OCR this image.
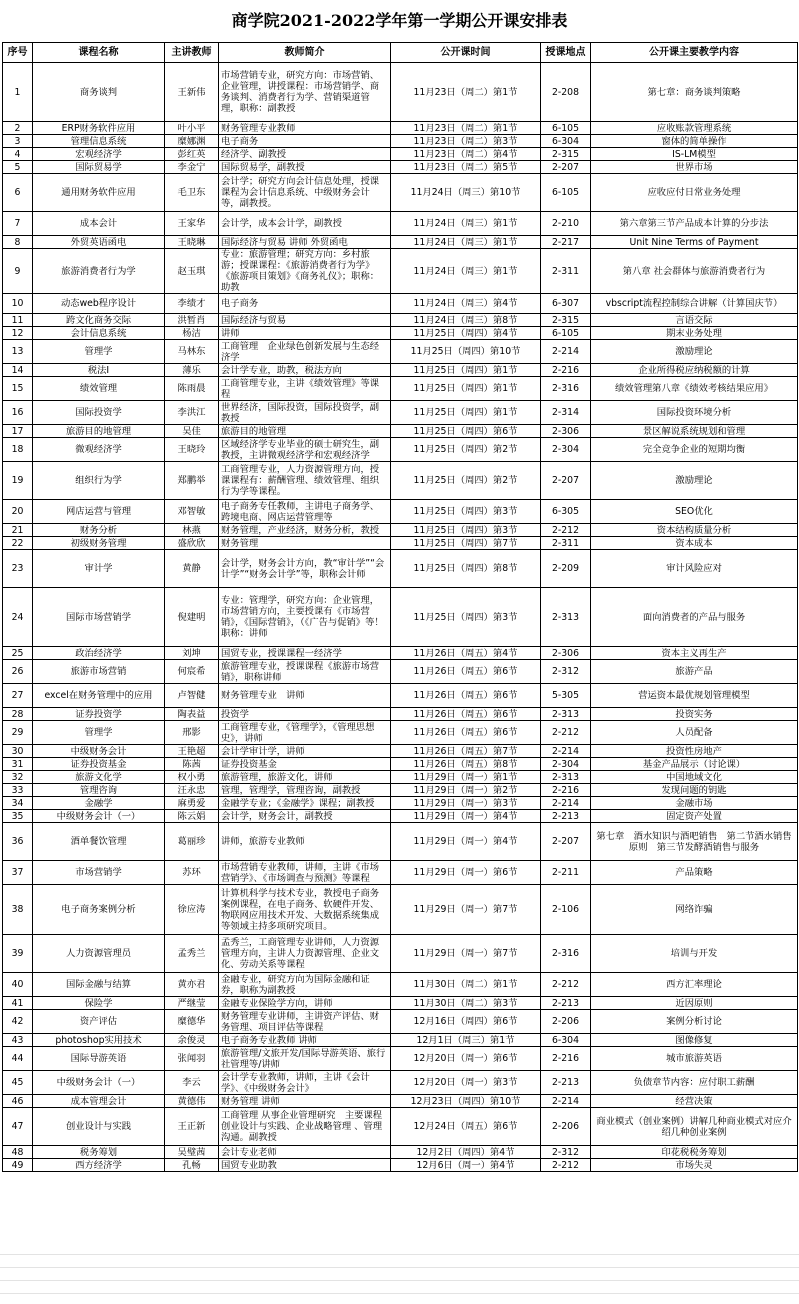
商学院2021-2022学年第一学期公开课安排表
序号	课程名称	主讲教师	教师简介	公开课时间	授课地点	公开课主要教学内容
1	商务谈判	王新伟	市场营销专业，研究方向：市场营销、企业管理，讲授课程：市场营销学、商务谈判、消费者行为学、营销渠道管理，职称：副教授	11月23日（周二）第1节	2-208	第七章：商务谈判策略
2	ERP财务软件应用	叶小平	财务管理专业教师	11月23日（周二）第1节	6-105	应收账款管理系统
3	管理信息系统	糜娜渊	电子商务	11月23日（周二）第3节	6-304	窗体的简单操作
4	宏观经济学	彭红英	经济学、副教授	11月23日（周二）第4节	2-315	IS-LM模型
5	国际贸易学	李金宁	国际贸易学，副教授	11月23日（周二）第5节	2-207	世界市场
6	通用财务软件应用	毛卫东	会计学；研究方向会计信息处理，授课课程为会计信息系统、中级财务会计等，副教授。	11月24日（周三）第10节	6-105	应收应付日常业务处理
7	成本会计	王家华	会计学，成本会计学，副教授	11月24日（周三）第1节	2-210	第六章第三节产品成本计算的分步法
8	外贸英语函电	王晓琳	国际经济与贸易 讲师 外贸函电	11月24日（周三）第1节	2-217	Unit Nine Terms of Payment
9	旅游消费者行为学	赵玉琪	专业：旅游管理；研究方向：乡村旅游；授课课程：《旅游消费者行为学》《旅游项目策划》《商务礼仪》；职称：助教	11月24日（周三）第1节	2-311	第八章 社会群体与旅游消费者行为
10	动态web程序设计	李绩才	电子商务	11月24日（周三）第4节	6-307	vbscript流程控制综合讲解（计算国庆节）
11	跨文化商务交际	洪暂肖	国际经济与贸易	11月24日（周三）第8节	2-315	言语交际
12	会计信息系统	杨洁	讲师	11月25日（周四）第4节	6-105	期末业务处理
13	管理学	马林东	工商管理　企业绿色创新发展与生态经济学	11月25日（周四）第10节	2-214	激励理论
14	税法I	薄乐	会计学专业，助教，税法方向	11月25日（周四）第1节	2-216	企业所得税应纳税额的计算
15	绩效管理	陈雨晨	工商管理专业，主讲《绩效管理》等课程	11月25日（周四）第1节	2-316	绩效管理第八章《绩效考核结果应用》
16	国际投资学	李洪江	世界经济，国际投资，国际投资学，副教授	11月25日（周四）第1节	2-314	国际投资环境分析
17	旅游目的地管理	吴佳	旅游目的地管理	11月25日（周四）第6节	2-306	景区解说系统规划和管理
18	微观经济学	王晓玲	区域经济学专业毕业的硕士研究生，副教授，主讲微观经济学和宏观经济学	11月25日（周四）第2节	2-304	完全竞争企业的短期均衡
19	组织行为学	郑鹏举	工商管理专业，人力资源管理方向，授课课程有：薪酬管理、绩效管理、组织行为学等课程。	11月25日（周四）第2节	2-207	激励理论
20	网店运营与管理	邓智敏	电子商务专任教师，主讲电子商务学、跨境电商、网店运营管理等	11月25日（周四）第3节	6-305	SEO优化
21	财务分析	林燕	财务管理，产业经济，财务分析，教授	11月25日（周四）第3节	2-212	资本结构质量分析
22	初级财务管理	盛欣欣	财务管理	11月25日（周四）第7节	2-311	资本成本
23	审计学	黄静	会计学，财务会计方向，教“审计学”“会计学”“财务会计学”等，职称会计师	11月25日（周四）第8节	2-209	审计风险应对
24	国际市场营销学	倪建明	专业：管理学，研究方向：企业管理，市场营销方向，主要授课有《市场营销》，《国际营销》，（《广告与促销》等！职称：讲师	11月25日（周四）第3节	2-313	面向消费者的产品与服务
25	政治经济学	刘坤	国贸专业，授课课程一经济学	11月26日（周五）第4节	2-306	资本主义再生产
26	旅游市场营销	何宸希	旅游管理专业，授课课程《旅游市场营销》，职称讲师	11月26日（周五）第6节	2-312	旅游产品
27	excel在财务管理中的应用	卢智健	财务管理专业　讲师	11月26日（周五）第6节	5-305	营运资本最优规划管理模型
28	证券投资学	陶表益	投资学	11月26日（周五）第6节	2-313	投资实务
29	管理学	邢影	工商管理专业，《管理学》，《管理思想史》，讲师	11月26日（周五）第6节	2-212	人员配备
30	中级财务会计	王艳超	会计学审计学，讲师	11月26日（周五）第7节	2-214	投资性房地产
31	证券投资基金	陈茜	证券投资基金	11月26日（周五）第8节	2-304	基金产品展示（讨论课）
32	旅游文化学	权小勇	旅游管理，旅游文化，讲师	11月29日（周一）第1节	2-313	中国地域文化
33	管理咨询	汪永忠	管理，管理学，管理咨询，副教授	11月29日（周一）第2节	2-216	发现问题的钥匙
34	金融学	麻勇爱	金融学专业；《金融学》课程；副教授	11月29日（周一）第3节	2-214	金融市场
35	中级财务会计（一）	陈云娟	会计学，财务会计，副教授	11月29日（周一）第4节	2-213	固定资产处置
36	酒单餐饮管理	葛丽珍	讲师，旅游专业教师	11月29日（周一）第4节	2-207	第七章　酒水知识与酒吧销售　第二节酒水销售原则　第三节发酵酒销售与服务
37	市场营销学	苏环	市场营销专业教师，讲师，主讲《市场营销学》、《市场调查与预测》等课程	11月29日（周一）第6节	2-211	产品策略
38	电子商务案例分析	徐应涛	计算机科学与技术专业，教授电子商务案例课程，在电子商务、软硬件开发、物联网应用技术开发、大数据系统集成等领域主持多项研究项目。	11月29日（周一）第7节	2-106	网络诈骗
39	人力资源管理员	孟秀兰	孟秀兰，工商管理专业讲师，人力资源管理方向，主讲人力资源管理、企业文化、劳动关系等课程	11月29日（周一）第7节	2-316	培训与开发
40	国际金融与结算	黄亦君	金融专业，研究方向为国际金融和证券，职称为副教授	11月30日（周二）第1节	2-212	西方汇率理论
41	保险学	严继莹	金融专业保险学方向，讲师	11月30日（周二）第3节	2-213	近因原则
42	资产评估	糜德华	财务管理专业讲师，主讲资产评估、财务管理、项目评估等课程	12月16日（周四）第6节	2-206	案例分析讨论
43	photoshop实用技术	余俊灵	电子商务专业教师 讲师	12月1日（周三）第1节	6-304	图像修复
44	国际导游英语	张闻羽	旅游管理/文旅开发/国际导游英语、旅行社管理等/讲师	12月20日（周一）第6节	2-216	城市旅游英语
45	中级财务会计（一）	李云	会计学专业教师，讲师，主讲《会计学》、《中级财务会计》	12月20日（周一）第3节	2-213	负债章节内容：应付职工薪酬
46	成本管理会计	黄德伟	财务管理 讲师	12月23日（周四）第10节	2-214	经营决策
47	创业设计与实践	王正新	工商管理 从事企业管理研究　主要课程创业设计与实践、企业战略管理 、管理沟通。副教授	12月24日（周五）第6节	2-206	商业模式（创业案例）讲解几种商业模式对应介绍几种创业案例
48	税务筹划	吴璧茜	会计专业老师	12月2日（周四）第4节	2-312	印花税税务筹划
49	西方经济学	孔畅	国贸专业助教	12月6日（周一）第4节	2-212	市场失灵
